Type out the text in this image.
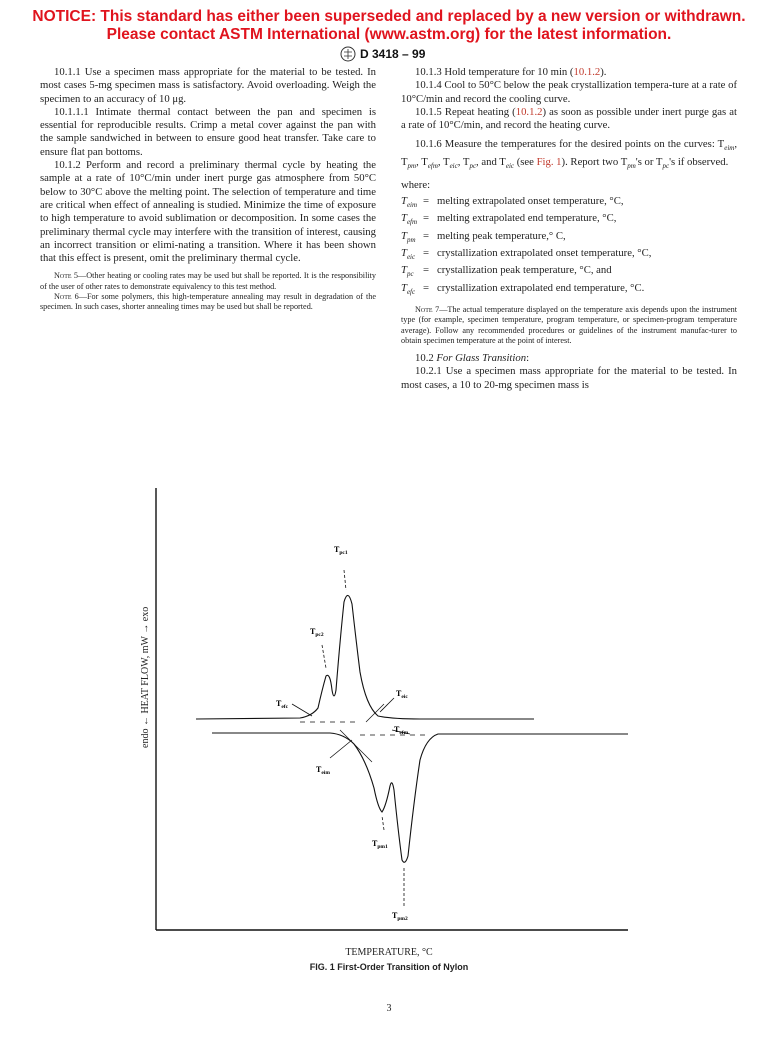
NOTICE: This standard has either been superseded and replaced by a new version or withdrawn.
Please contact ASTM International (www.astm.org) for the latest information.
D 3418 – 99

10.1.1 Use a specimen mass appropriate for the material to be tested. In most cases 5-mg specimen mass is satisfactory. Avoid overloading. Weigh the specimen to an accuracy of 10 μg.

10.1.1.1 Intimate thermal contact between the pan and specimen is essential for reproducible results. Crimp a metal cover against the pan with the sample sandwiched in between to ensure good heat transfer. Take care to ensure flat pan bottoms.

10.1.2 Perform and record a preliminary thermal cycle by heating the sample at a rate of 10°C/min under inert purge gas atmosphere from 50°C below to 30°C above the melting point. The selection of temperature and time are critical when effect of annealing is studied. Minimize the time of exposure to high temperature to avoid sublimation or decomposition. In some cases the preliminary thermal cycle may interfere with the transition of interest, causing an incorrect transition or elimi-nating a transition. Where it has been shown that this effect is present, omit the preliminary thermal cycle.

Note 5—Other heating or cooling rates may be used but shall be reported. It is the responsibility of the user of other rates to demonstrate equivalency to this test method.

Note 6—For some polymers, this high-temperature annealing may result in degradation of the specimen. In such cases, shorter annealing times may be used but shall be reported.

10.1.3 Hold temperature for 10 min (10.1.2).

10.1.4 Cool to 50°C below the peak crystallization tempera-ture at a rate of 10°C/min and record the cooling curve.

10.1.5 Repeat heating (10.1.2) as soon as possible under inert purge gas at a rate of 10°C/min, and record the heating curve.

10.1.6 Measure the temperatures for the desired points on the curves: $T_{eim}$, $T_{pm}$, $T_{efm}$, $T_{eic}$, $T_{pc}$, and $T_{eic}$ (see Fig. 1). Report two $T_{pm}'s$ or $T_{pc}'s$ if observed.

where:
$T_{eim}$ = melting extrapolated onset temperature, °C,
$T_{efm}$ = melting extrapolated end temperature, °C,
$T_{pm}$ = melting peak temperature,° C,
$T_{eic}$ = crystallization extrapolated onset temperature, °C,
$T_{pc}$ = crystallization peak temperature, °C, and
$T_{efc}$ = crystallization extrapolated end temperature, °C.

Note 7—The actual temperature displayed on the temperature axis depends upon the instrument type (for example, specimen temperature, program temperature, or specimen-program temperature average). Follow any recommended procedures or guidelines of the instrument manufac-turer to obtain specimen temperature at the point of interest.

10.2 For Glass Transition:

10.2.1 Use a specimen mass appropriate for the material to be tested. In most cases, a 10 to 20-mg specimen mass is

$T_{pc1}$
$T_{pc2}$
$T_{efc}$
$T_{eic}$
$T_{efm}$
$T_{eim}$
$T_{pm1}$
$T_{pm2}$
endo ← HEAT FLOW, mW → exo
TEMPERATURE, °C
FIG. 1 First-Order Transition of Nylon
3
